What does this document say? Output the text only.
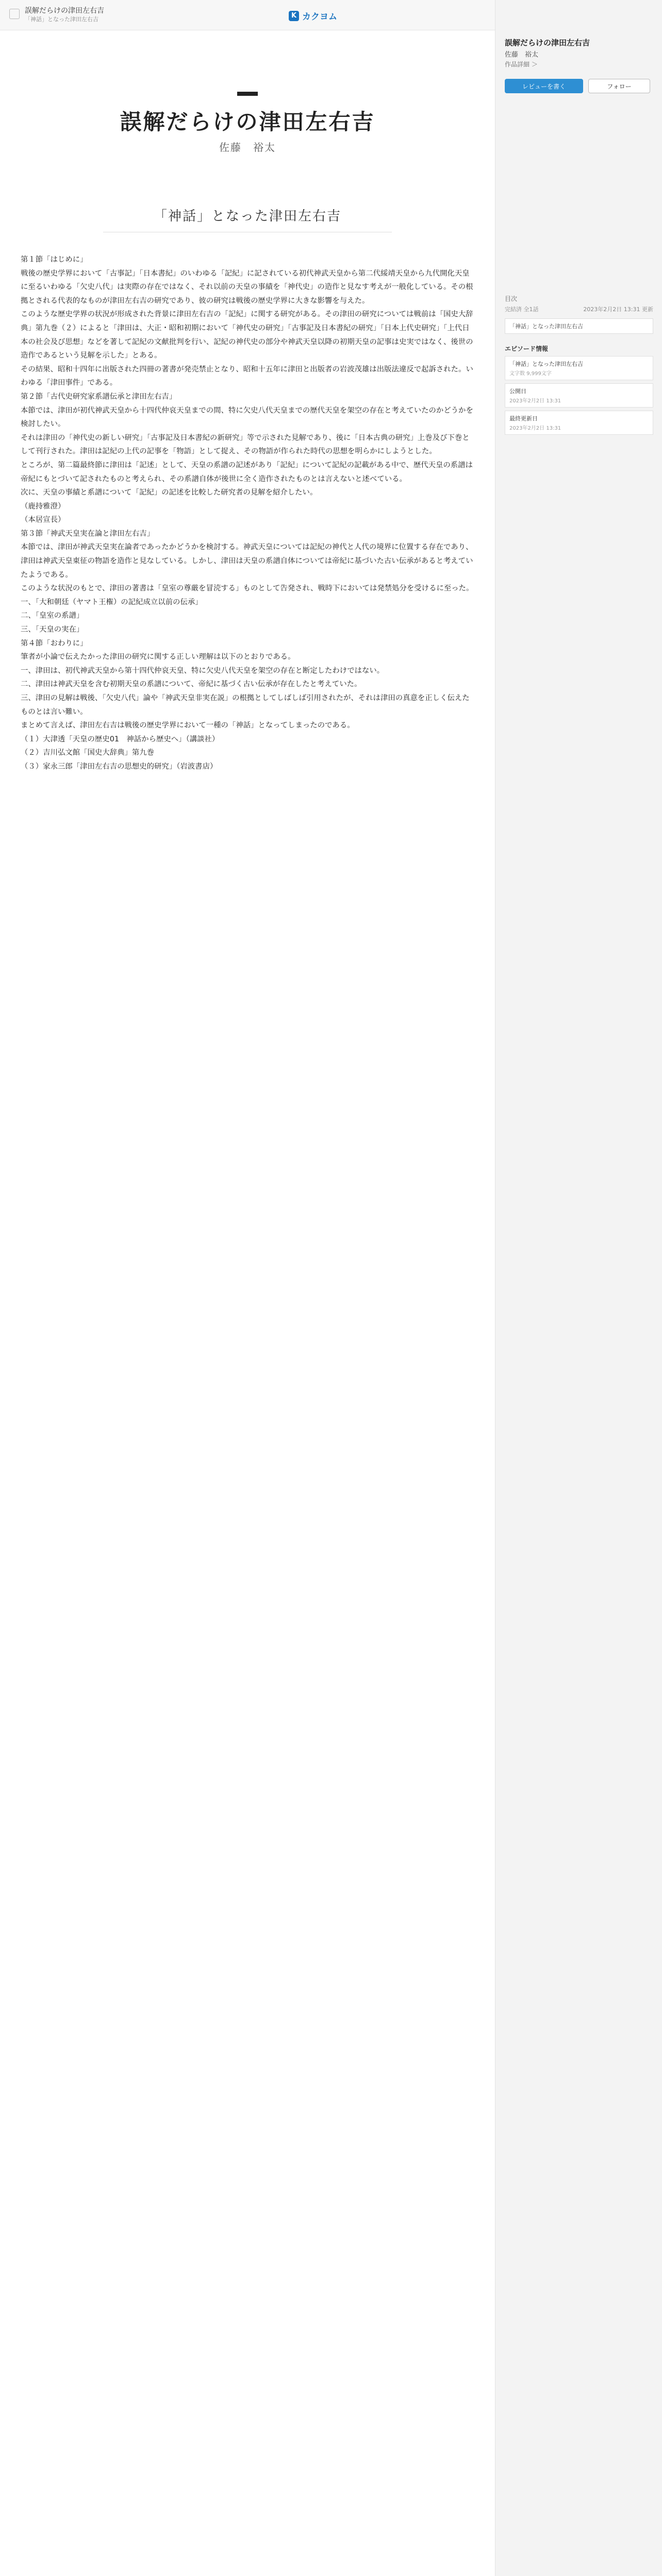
誤解だらけの津田左右吉
「神話」となった津田左右吉	K カクヨム
誤解だらけの津田左右吉
佐藤　裕太
「神話」となった津田左右吉

第１節「はじめに」

戦後の歴史学界において「古事記」「日本書紀」のいわゆる「記紀」に記されている初代神武天皇から第二代綏靖天皇から九代開化天皇に至るいわゆる「欠史八代」は実際の存在ではなく、それ以前の天皇の事績を「神代史」の造作と見なす考えが一般化している。その根拠とされる代表的なものが津田左右吉の研究であり、彼の研究は戦後の歴史学界に大きな影響を与えた。

このような歴史学界の状況が形成された背景に津田左右吉の「記紀」に関する研究がある。その津田の研究については戦前は「国史大辞典」第九巻（２）によると「津田は、大正・昭和初期において「神代史の研究」「古事記及日本書紀の研究」「日本上代史研究」「上代日本の社会及び思想」などを著して記紀の文献批判を行い、記紀の神代史の部分や神武天皇以降の初期天皇の記事は史実ではなく、後世の造作であるという見解を示した」とある。

その結果、昭和十四年に出版された四冊の著書が発売禁止となり、昭和十五年に津田と出版者の岩波茂雄は出版法違反で起訴された。いわゆる「津田事件」である。

第２節「古代史研究家系譜伝承と津田左右吉」

本節では、津田が初代神武天皇から十四代仲哀天皇までの間、特に欠史八代天皇までの歴代天皇を架空の存在と考えていたのかどうかを検討したい。

それは津田の「神代史の新しい研究」「古事記及日本書紀の新研究」等で示された見解であり、後に「日本古典の研究」上巻及び下巻として刊行された。津田は記紀の上代の記事を「物語」として捉え、その物語が作られた時代の思想を明らかにしようとした。

ところが、第二篇最終節に津田は「記述」として、天皇の系譜の記述があり「記紀」について記紀の記載がある中で、歴代天皇の系譜は帝紀にもとづいて記されたものと考えられ、その系譜自体が後世に全く造作されたものとは言えないと述べている。

次に、天皇の事績と系譜について「記紀」の記述を比較した研究者の見解を紹介したい。

（鹿持雅澄）

（本居宣長）

第３節「神武天皇実在論と津田左右吉」

本節では、津田が神武天皇実在論者であったかどうかを検討する。神武天皇については記紀の神代と人代の境界に位置する存在であり、津田は神武天皇東征の物語を造作と見なしている。しかし、津田は天皇の系譜自体については帝紀に基づいた古い伝承があると考えていたようである。

このような状況のもとで、津田の著書は「皇室の尊厳を冒涜する」ものとして告発され、戦時下においては発禁処分を受けるに至った。

一、「大和朝廷（ヤマト王権）の記紀成立以前の伝承」

二、「皇室の系譜」

三、「天皇の実在」

第４節「おわりに」

筆者が小論で伝えたかった津田の研究に関する正しい理解は以下のとおりである。

一、津田は、初代神武天皇から第十四代仲哀天皇、特に欠史八代天皇を架空の存在と断定したわけではない。

二、津田は神武天皇を含む初期天皇の系譜について、帝紀に基づく古い伝承が存在したと考えていた。

三、津田の見解は戦後、「欠史八代」論や「神武天皇非実在説」の根拠としてしばしば引用されたが、それは津田の真意を正しく伝えたものとは言い難い。

まとめて言えば、津田左右吉は戦後の歴史学界において一種の「神話」となってしまったのである。

（１）大津透「天皇の歴史01　神話から歴史へ」（講談社）

（２）吉川弘文館「国史大辞典」第九巻

（３）家永三郎「津田左右吉の思想史的研究」（岩波書店）

誤解だらけの津田左右吉
佐藤　裕太
作品詳細 ＞
レビューを書く	フォロー
目次
完結済 全1話	2023年2月2日 13:31 更新
「神話」となった津田左右吉
エピソード情報
「神話」となった津田左右吉
文字数 9,999文字
公開日
2023年2月2日 13:31
最終更新日
2023年2月2日 13:31
